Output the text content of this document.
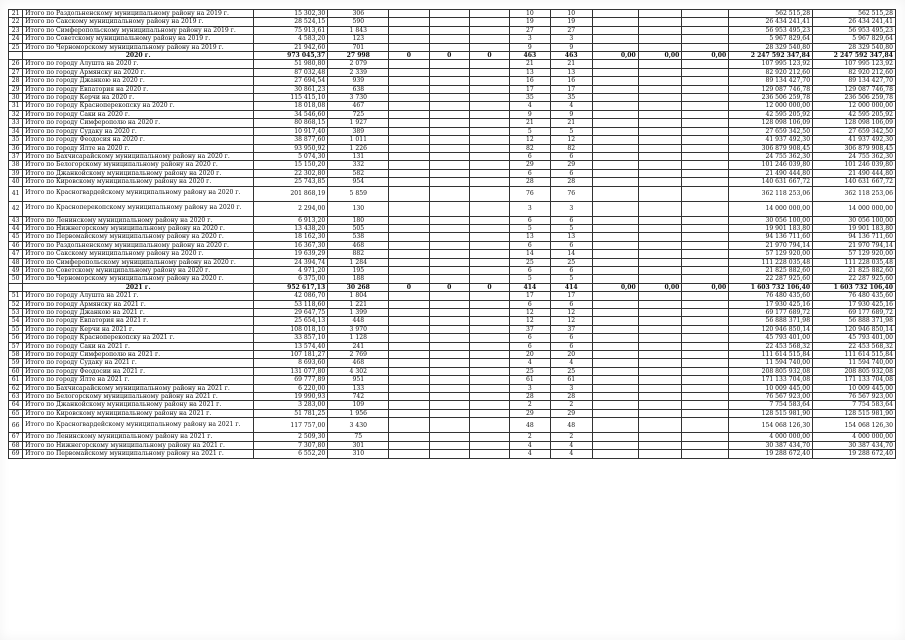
21	Итого по Раздольненскому муниципальному району на 2019 г.	15 302,30	306				10	10				562 515,28	562 515,28
22	Итого по Сакскому муниципальному району на 2019 г.	28 524,15	590				19	19				26 434 241,41	26 434 241,41
23	Итого по Симферопольскому муниципальному району на 2019 г.	75 913,61	1 843				27	27				56 953 495,23	56 953 495,23
24	Итого по Советскому муниципальному району на 2019 г.	4 583,20	123				3	3				5 967 829,64	5 967 829,64
25	Итого по Черноморскому муниципальному району на 2019 г.	21 942,60	701				9	9				28 329 540,80	28 329 540,80
	2020 г.	973 045,37	27 998	0	0	0	463	463	0,00	0,00	0,00	2 247 592 347,84	2 247 592 347,84
26	Итого по городу Алушта на 2020 г.	51 980,80	2 079				21	21				107 995 123,92	107 995 123,92
27	Итого по городу Армянску на 2020 г.	87 032,48	2 339				13	13				82 920 212,60	82 920 212,60
28	Итого по городу Джанкою на 2020 г.	27 694,54	939				16	16				89 134 427,70	89 134 427,70
29	Итого по городу Евпатория на 2020 г.	30 861,23	638				17	17				129 087 746,78	129 087 746,78
30	Итого по городу Керчи на 2020 г.	115 415,10	3 730				35	35				236 506 259,78	236 506 259,78
31	Итого по городу Красноперекопску на 2020 г.	18 018,08	467				4	4				12 000 000,00	12 000 000,00
32	Итого по городу Саки на 2020 г.	34 546,60	725				9	9				42 595 205,92	42 595 205,92
33	Итого по городу Симферополю на 2020 г.	80 868,15	1 927				21	21				128 098 106,09	128 098 106,09
34	Итого по городу Судаку на 2020 г.	10 917,40	389				5	5				27 659 342,50	27 659 342,50
35	Итого по городу Феодосия на 2020 г.	38 877,60	1 011				12	12				41 937 492,30	41 937 492,30
36	Итого по городу Ялте на 2020 г.	93 950,92	1 226				82	82				306 879 908,45	306 879 908,45
37	Итого по Бахчисарайскому муниципальному району на 2020 г.	5 074,30	131				6	6				24 755 362,30	24 755 362,30
38	Итого по Белогорскому муниципальному району на 2020 г.	15 150,20	332				29	29				101 246 039,80	101 246 039,80
39	Итого по Джанкойскому муниципальному району на 2020 г.	22 302,80	582				6	6				21 490 444,80	21 490 444,80
40	Итого по Кировскому муниципальному району на 2020 г.	25 743,85	954				28	28				140 631 667,72	140 631 667,72
41	Итого по Красногвардейскому муниципальному району на 2020 г.	201 868,19	5 859				76	76				362 118 253,06	362 118 253,06
42	Итого по Красноперекопскому муниципальному району на 2020 г.	2 294,00	130				3	3				14 000 000,00	14 000 000,00
43	Итого по Ленинскому муниципальному району на 2020 г.	6 913,20	180				6	6				30 056 100,00	30 056 100,00
44	Итого по Нижнегорскому муниципальному району на 2020 г.	13 438,20	505				5	5				19 901 183,80	19 901 183,80
45	Итого по Первомайскому муниципальному району на 2020 г.	18 162,30	538				13	13				94 136 711,60	94 136 711,60
46	Итого по Раздольненскому муниципальному району на 2020 г.	16 367,30	468				6	6				21 970 794,14	21 970 794,14
47	Итого по Сакскому муниципальному району на 2020 г.	19 639,29	882				14	14				57 129 920,00	57 129 920,00
48	Итого по Симферопольскому муниципальному району на 2020 г.	24 394,74	1 284				25	25				111 228 035,48	111 228 035,48
49	Итого по Советскому муниципальному району на 2020 г.	4 971,20	195				6	6				21 825 882,60	21 825 882,60
50	Итого по Черноморскому муниципальному району на 2020 г.	6 375,00	188				5	5				22 287 925,60	22 287 925,60
	2021 г.	952 617,13	30 268	0	0	0	414	414	0,00	0,00	0,00	1 603 732 106,40	1 603 732 106,40
51	Итого по городу Алушта на 2021 г.	42 086,70	1 804				17	17				76 480 435,60	76 480 435,60
52	Итого по городу Армянску на 2021 г.	53 118,60	1 221				6	6				17 930 425,16	17 930 425,16
53	Итого по городу Джанкою на 2021 г.	29 647,75	1 399				12	12				69 177 689,72	69 177 689,72
54	Итого по городу Евпатория на 2021 г.	25 654,13	448				12	12				56 888 371,98	56 888 371,98
55	Итого по городу Керчи на 2021 г.	108 018,10	3 970				37	37				120 946 850,14	120 946 850,14
56	Итого по городу Красноперекопску на 2021 г.	33 857,10	1 128				6	6				45 793 401,00	45 793 401,00
57	Итого по городу Саки на 2021 г.	13 574,40	241				6	6				22 453 568,32	22 453 568,32
58	Итого по городу Симферополю на 2021 г.	107 181,27	2 769				20	20				111 614 515,84	111 614 515,84
59	Итого по городу Судаку на 2021 г.	8 693,60	468				4	4				11 594 740,00	11 594 740,00
60	Итого по городу Феодосии на 2021 г.	131 077,80	4 302				25	25				208 805 932,08	208 805 932,08
61	Итого по городу Ялте на 2021 г.	69 777,89	951				61	61				171 133 704,08	171 133 704,08
62	Итого по Бахчисарайскому муниципальному району на 2021 г.	6 220,00	133				3	3				10 009 445,00	10 009 445,00
63	Итого по Белогорскому муниципальному району на 2021 г.	19 990,93	742				28	28				76 567 923,00	76 567 923,00
64	Итого по Джанкойскому муниципальному району на 2021 г.	3 283,00	109				2	2				7 754 583,64	7 754 583,64
65	Итого по Кировскому муниципальному району на 2021 г.	51 781,25	1 956				29	29				128 515 981,90	128 515 981,90
66	Итого по Красногвардейскому муниципальному району на 2021 г.	117 757,00	3 430				48	48				154 068 126,30	154 068 126,30
67	Итого по Ленинскому муниципальному району на 2021 г.	2 509,30	75				2	2				4 000 000,00	4 000 000,00
68	Итого по Нижнегорскому муниципальному району на 2021 г.	7 307,80	301				4	4				30 387 434,70	30 387 434,70
69	Итого по Первомайскому муниципальному району на 2021 г.	6 552,20	310				4	4				19 288 672,40	19 288 672,40
